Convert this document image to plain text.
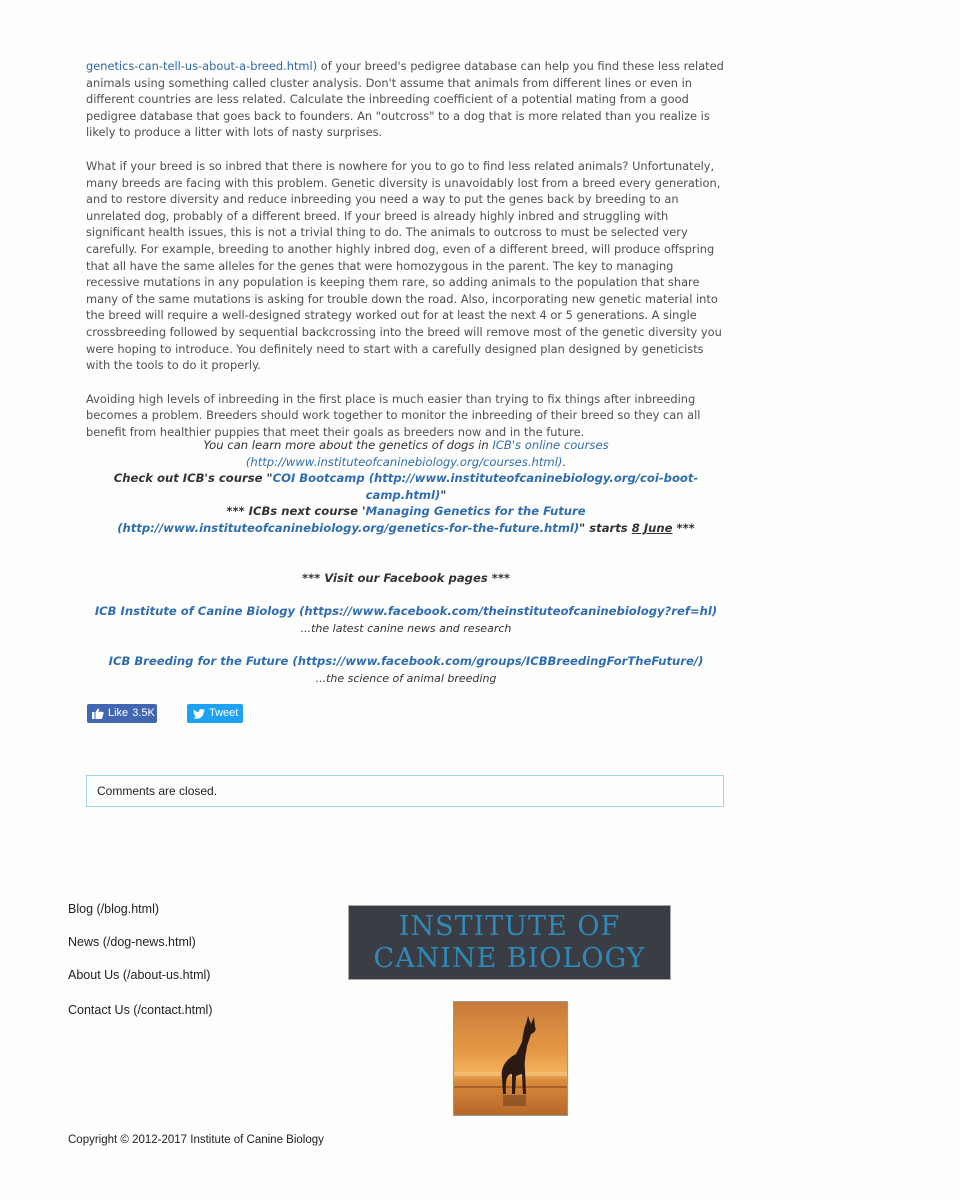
genetics-can-tell-us-about-a-breed.html) of your breed's pedigree database can help you find these less related animals using something called cluster analysis. Don't assume that animals from different lines or even in different countries are less related. Calculate the inbreeding coefficient of a potential mating from a good pedigree database that goes back to founders. An "outcross" to a dog that is more related than you realize is likely to produce a litter with lots of nasty surprises.

What if your breed is so inbred that there is nowhere for you to go to find less related animals? Unfortunately, many breeds are facing with this problem. Genetic diversity is unavoidably lost from a breed every generation, and to restore diversity and reduce inbreeding you need a way to put the genes back by breeding to an unrelated dog, probably of a different breed. If your breed is already highly inbred and struggling with significant health issues, this is not a trivial thing to do. The animals to outcross to must be selected very carefully. For example, breeding to another highly inbred dog, even of a different breed, will produce offspring that all have the same alleles for the genes that were homozygous in the parent. The key to managing recessive mutations in any population is keeping them rare, so adding animals to the population that share many of the same mutations is asking for trouble down the road. Also, incorporating new genetic material into the breed will require a well-designed strategy worked out for at least the next 4 or 5 generations. A single crossbreeding followed by sequential backcrossing into the breed will remove most of the genetic diversity you were hoping to introduce. You definitely need to start with a carefully designed plan designed by geneticists with the tools to do it properly.

Avoiding high levels of inbreeding in the first place is much easier than trying to fix things after inbreeding becomes a problem. Breeders should work together to monitor the inbreeding of their breed so they can all benefit from healthier puppies that meet their goals as breeders now and in the future.

You can learn more about the genetics of dogs in ICB's online courses (http://www.instituteofcaninebiology.org/courses.html).
Check out ICB's course "COI Bootcamp (http://www.instituteofcaninebiology.org/coi-boot-camp.html)"
*** ICBs next course 'Managing Genetics for the Future (http://www.instituteofcaninebiology.org/genetics-for-the-future.html)" starts 8 June ***
*** Visit our Facebook pages ***
ICB Institute of Canine Biology (https://www.facebook.com/theinstituteofcaninebiology?ref=hl)
...the latest canine news and research
ICB Breeding for the Future (https://www.facebook.com/groups/ICBBreedingForTheFuture/)
...the science of animal breeding
Like 3.5K	Tweet
Comments are closed.
Blog (/blog.html)
News (/dog-news.html)
About Us (/about-us.html)
Contact Us (/contact.html)
INSTITUTE OF
CANINE BIOLOGY
Copyright © 2012-2017 Institute of Canine Biology
